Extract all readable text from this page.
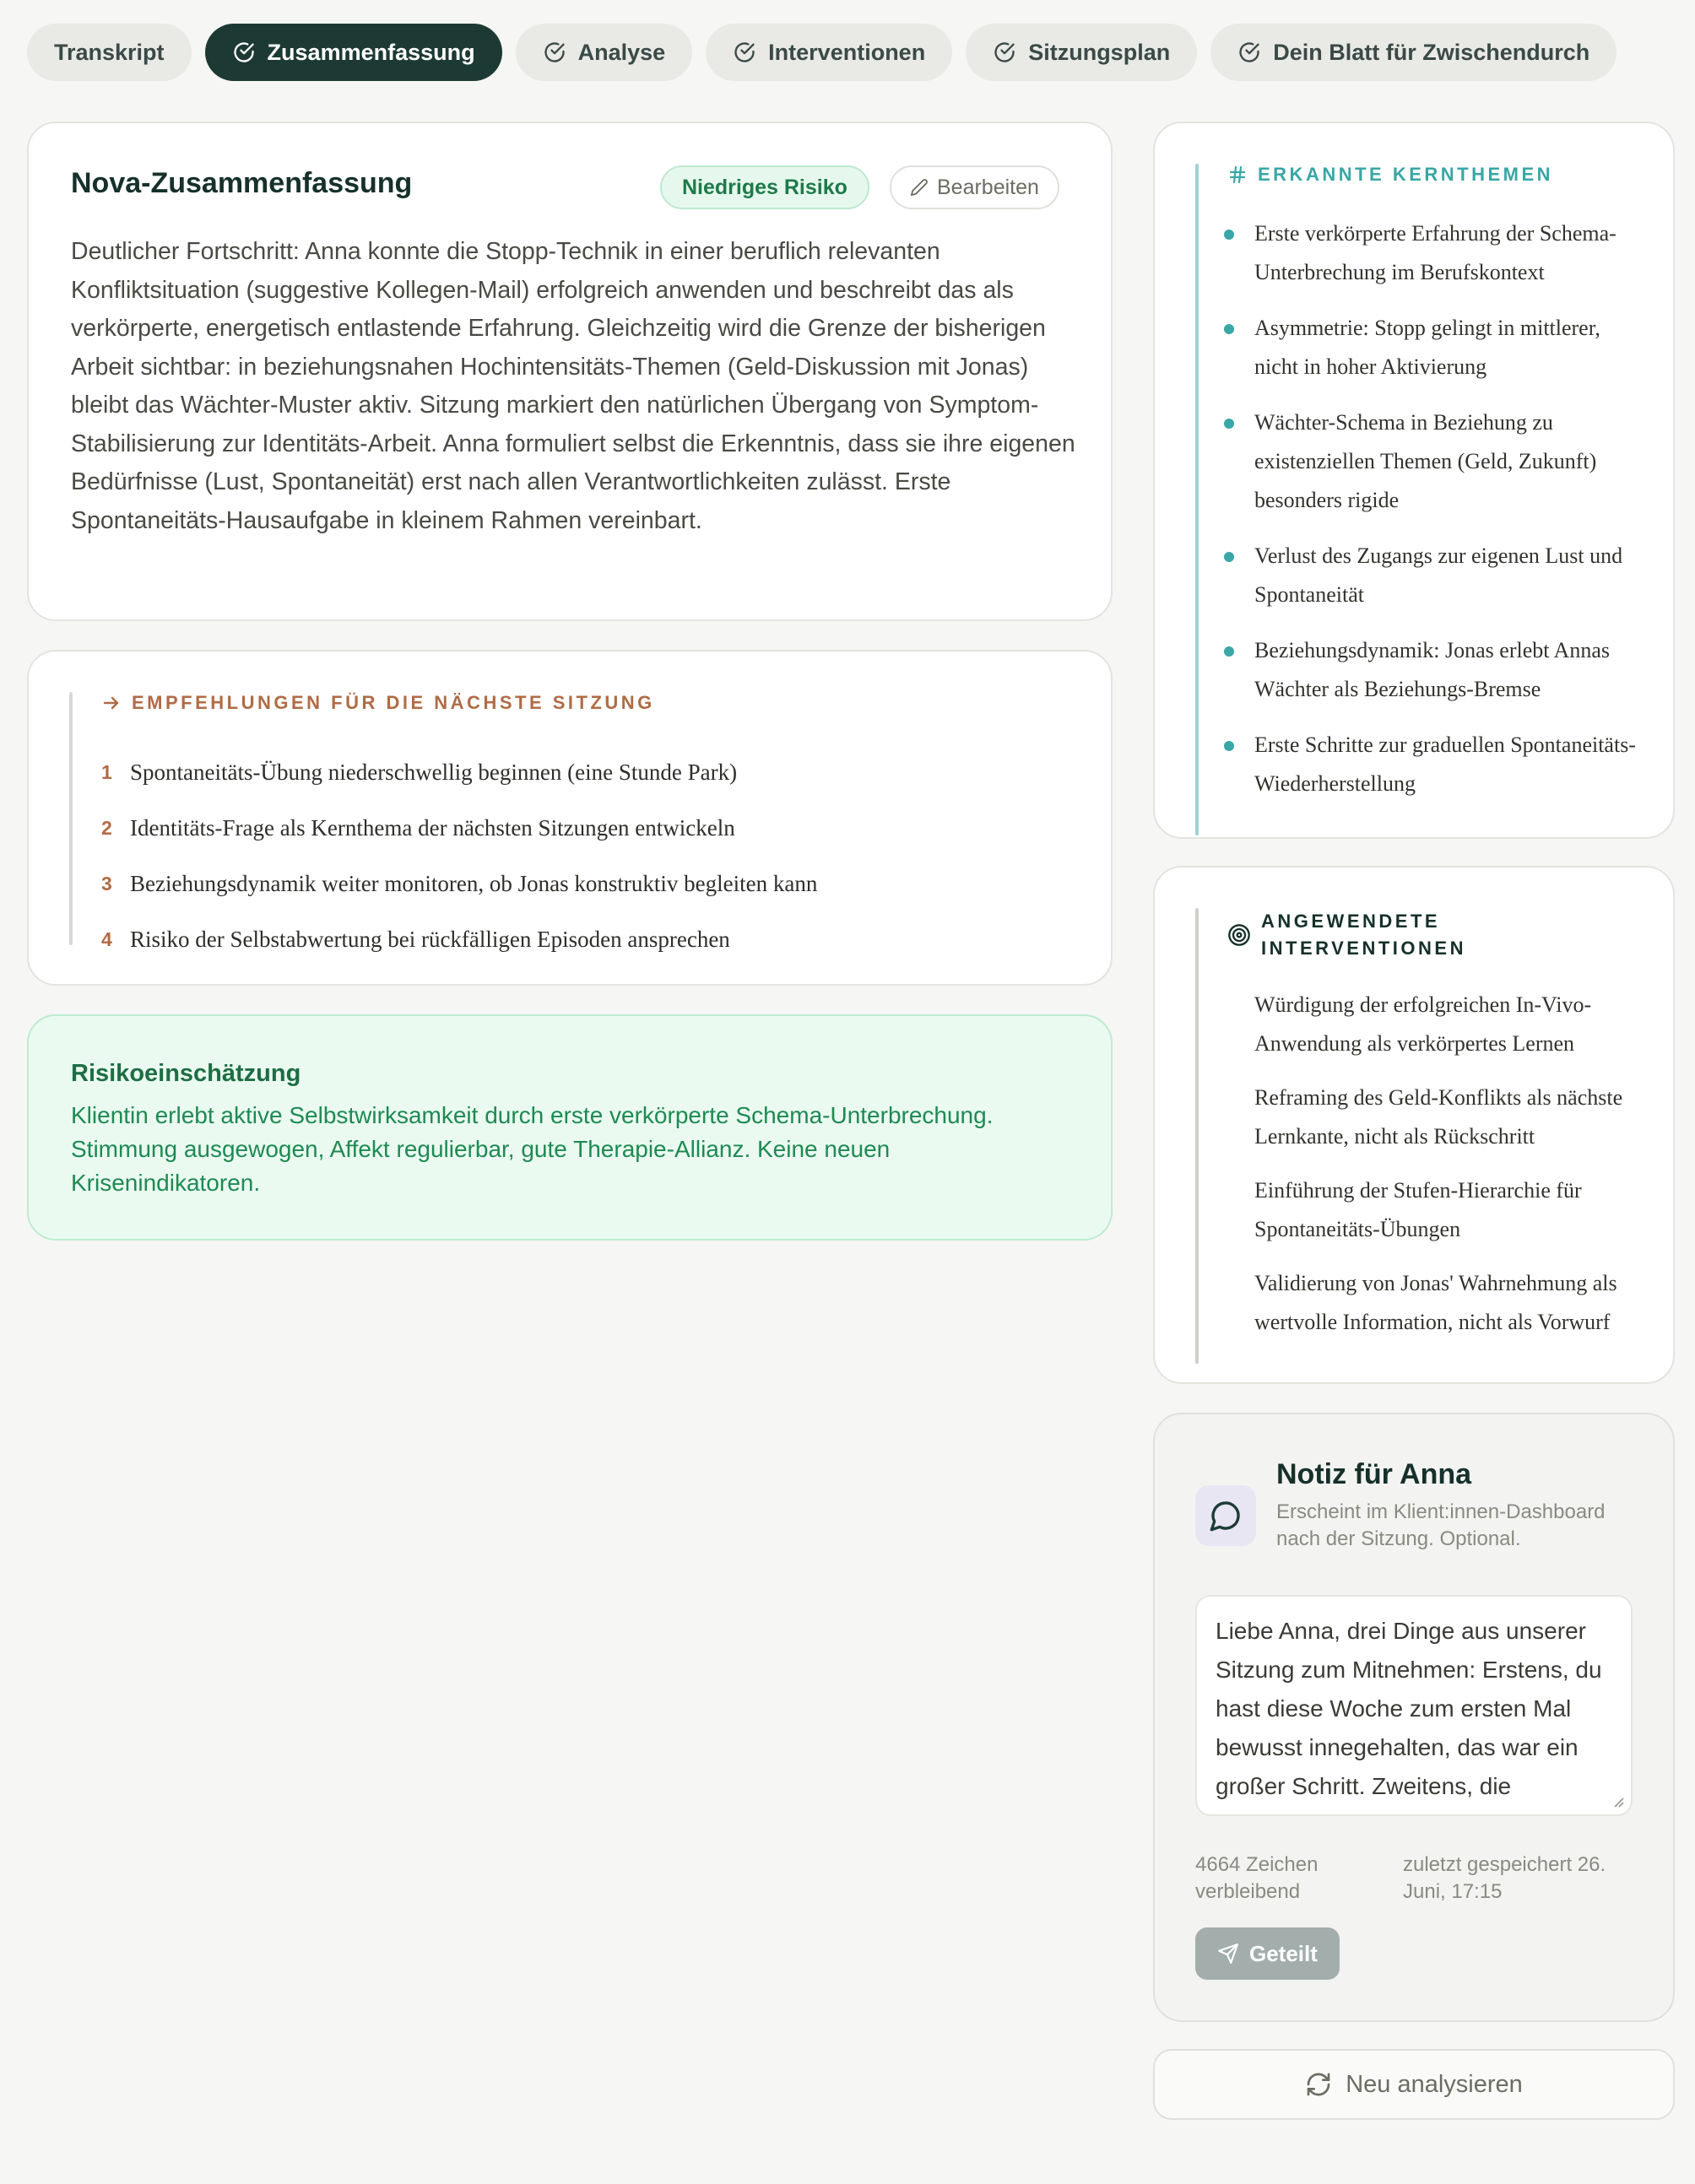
Transkript	Zusammenfassung	Analyse	Interventionen	Sitzungsplan	Dein Blatt für Zwischendurch
Nova-Zusammenfassung	Niedriges Risiko	Bearbeiten
Deutlicher Fortschritt: Anna konnte die Stopp-Technik in einer beruflich relevanten Konfliktsituation (suggestive Kollegen-Mail) erfolgreich anwenden und beschreibt das als verkörperte, energetisch entlastende Erfahrung. Gleichzeitig wird die Grenze der bisherigen Arbeit sichtbar: in beziehungsnahen Hochintensitäts-Themen (Geld-Diskussion mit Jonas) bleibt das Wächter-Muster aktiv. Sitzung markiert den natürlichen Übergang von Symptom-Stabilisierung zur Identitäts-Arbeit. Anna formuliert selbst die Erkenntnis, dass sie ihre eigenen Bedürfnisse (Lust, Spontaneität) erst nach allen Verantwortlichkeiten zulässt. Erste Spontaneitäts-Hausaufgabe in kleinem Rahmen vereinbart.
EMPFEHLUNGEN FÜR DIE NÄCHSTE SITZUNG
1 Spontaneitäts-Übung niederschwellig beginnen (eine Stunde Park)
2 Identitäts-Frage als Kernthema der nächsten Sitzungen entwickeln
3 Beziehungsdynamik weiter monitoren, ob Jonas konstruktiv begleiten kann
4 Risiko der Selbstabwertung bei rückfälligen Episoden ansprechen
Risikoeinschätzung
Klientin erlebt aktive Selbstwirksamkeit durch erste verkörperte Schema-Unterbrechung. Stimmung ausgewogen, Affekt regulierbar, gute Therapie-Allianz. Keine neuen Krisenindikatoren.
ERKANNTE KERNTHEMEN
Erste verkörperte Erfahrung der Schema-Unterbrechung im Berufskontext
Asymmetrie: Stopp gelingt in mittlerer, nicht in hoher Aktivierung
Wächter-Schema in Beziehung zu existenziellen Themen (Geld, Zukunft) besonders rigide
Verlust des Zugangs zur eigenen Lust und Spontaneität
Beziehungsdynamik: Jonas erlebt Annas Wächter als Beziehungs-Bremse
Erste Schritte zur graduellen Spontaneitäts-Wiederherstellung
ANGEWENDETE
INTERVENTIONEN
Würdigung der erfolgreichen In-Vivo-Anwendung als verkörpertes Lernen
Reframing des Geld-Konflikts als nächste Lernkante, nicht als Rückschritt
Einführung der Stufen-Hierarchie für Spontaneitäts-Übungen
Validierung von Jonas' Wahrnehmung als wertvolle Information, nicht als Vorwurf
Notiz für Anna
Erscheint im Klient:innen-Dashboard nach der Sitzung. Optional.
Liebe Anna, drei Dinge aus unserer Sitzung zum Mitnehmen: Erstens, du hast diese Woche zum ersten Mal bewusst innegehalten, das war ein großer Schritt. Zweitens, die
4664 Zeichen verbleibend
zuletzt gespeichert 26. Juni, 17:15
Geteilt
Neu analysieren
